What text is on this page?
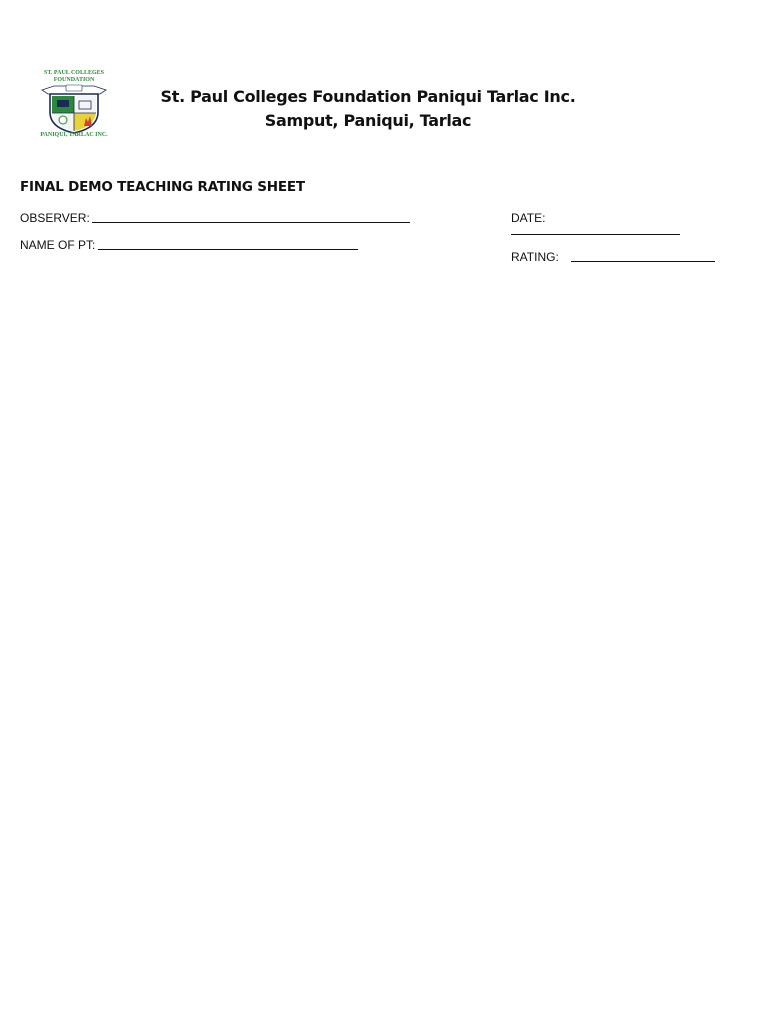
ST. PAUL COLLEGES
FOUNDATION
PANIQUI, TARLAC INC.
St. Paul Colleges Foundation Paniqui Tarlac Inc.
Samput, Paniqui, Tarlac
FINAL DEMO TEACHING RATING SHEET
OBSERVER:
NAME OF PT:
DATE:
RATING:
